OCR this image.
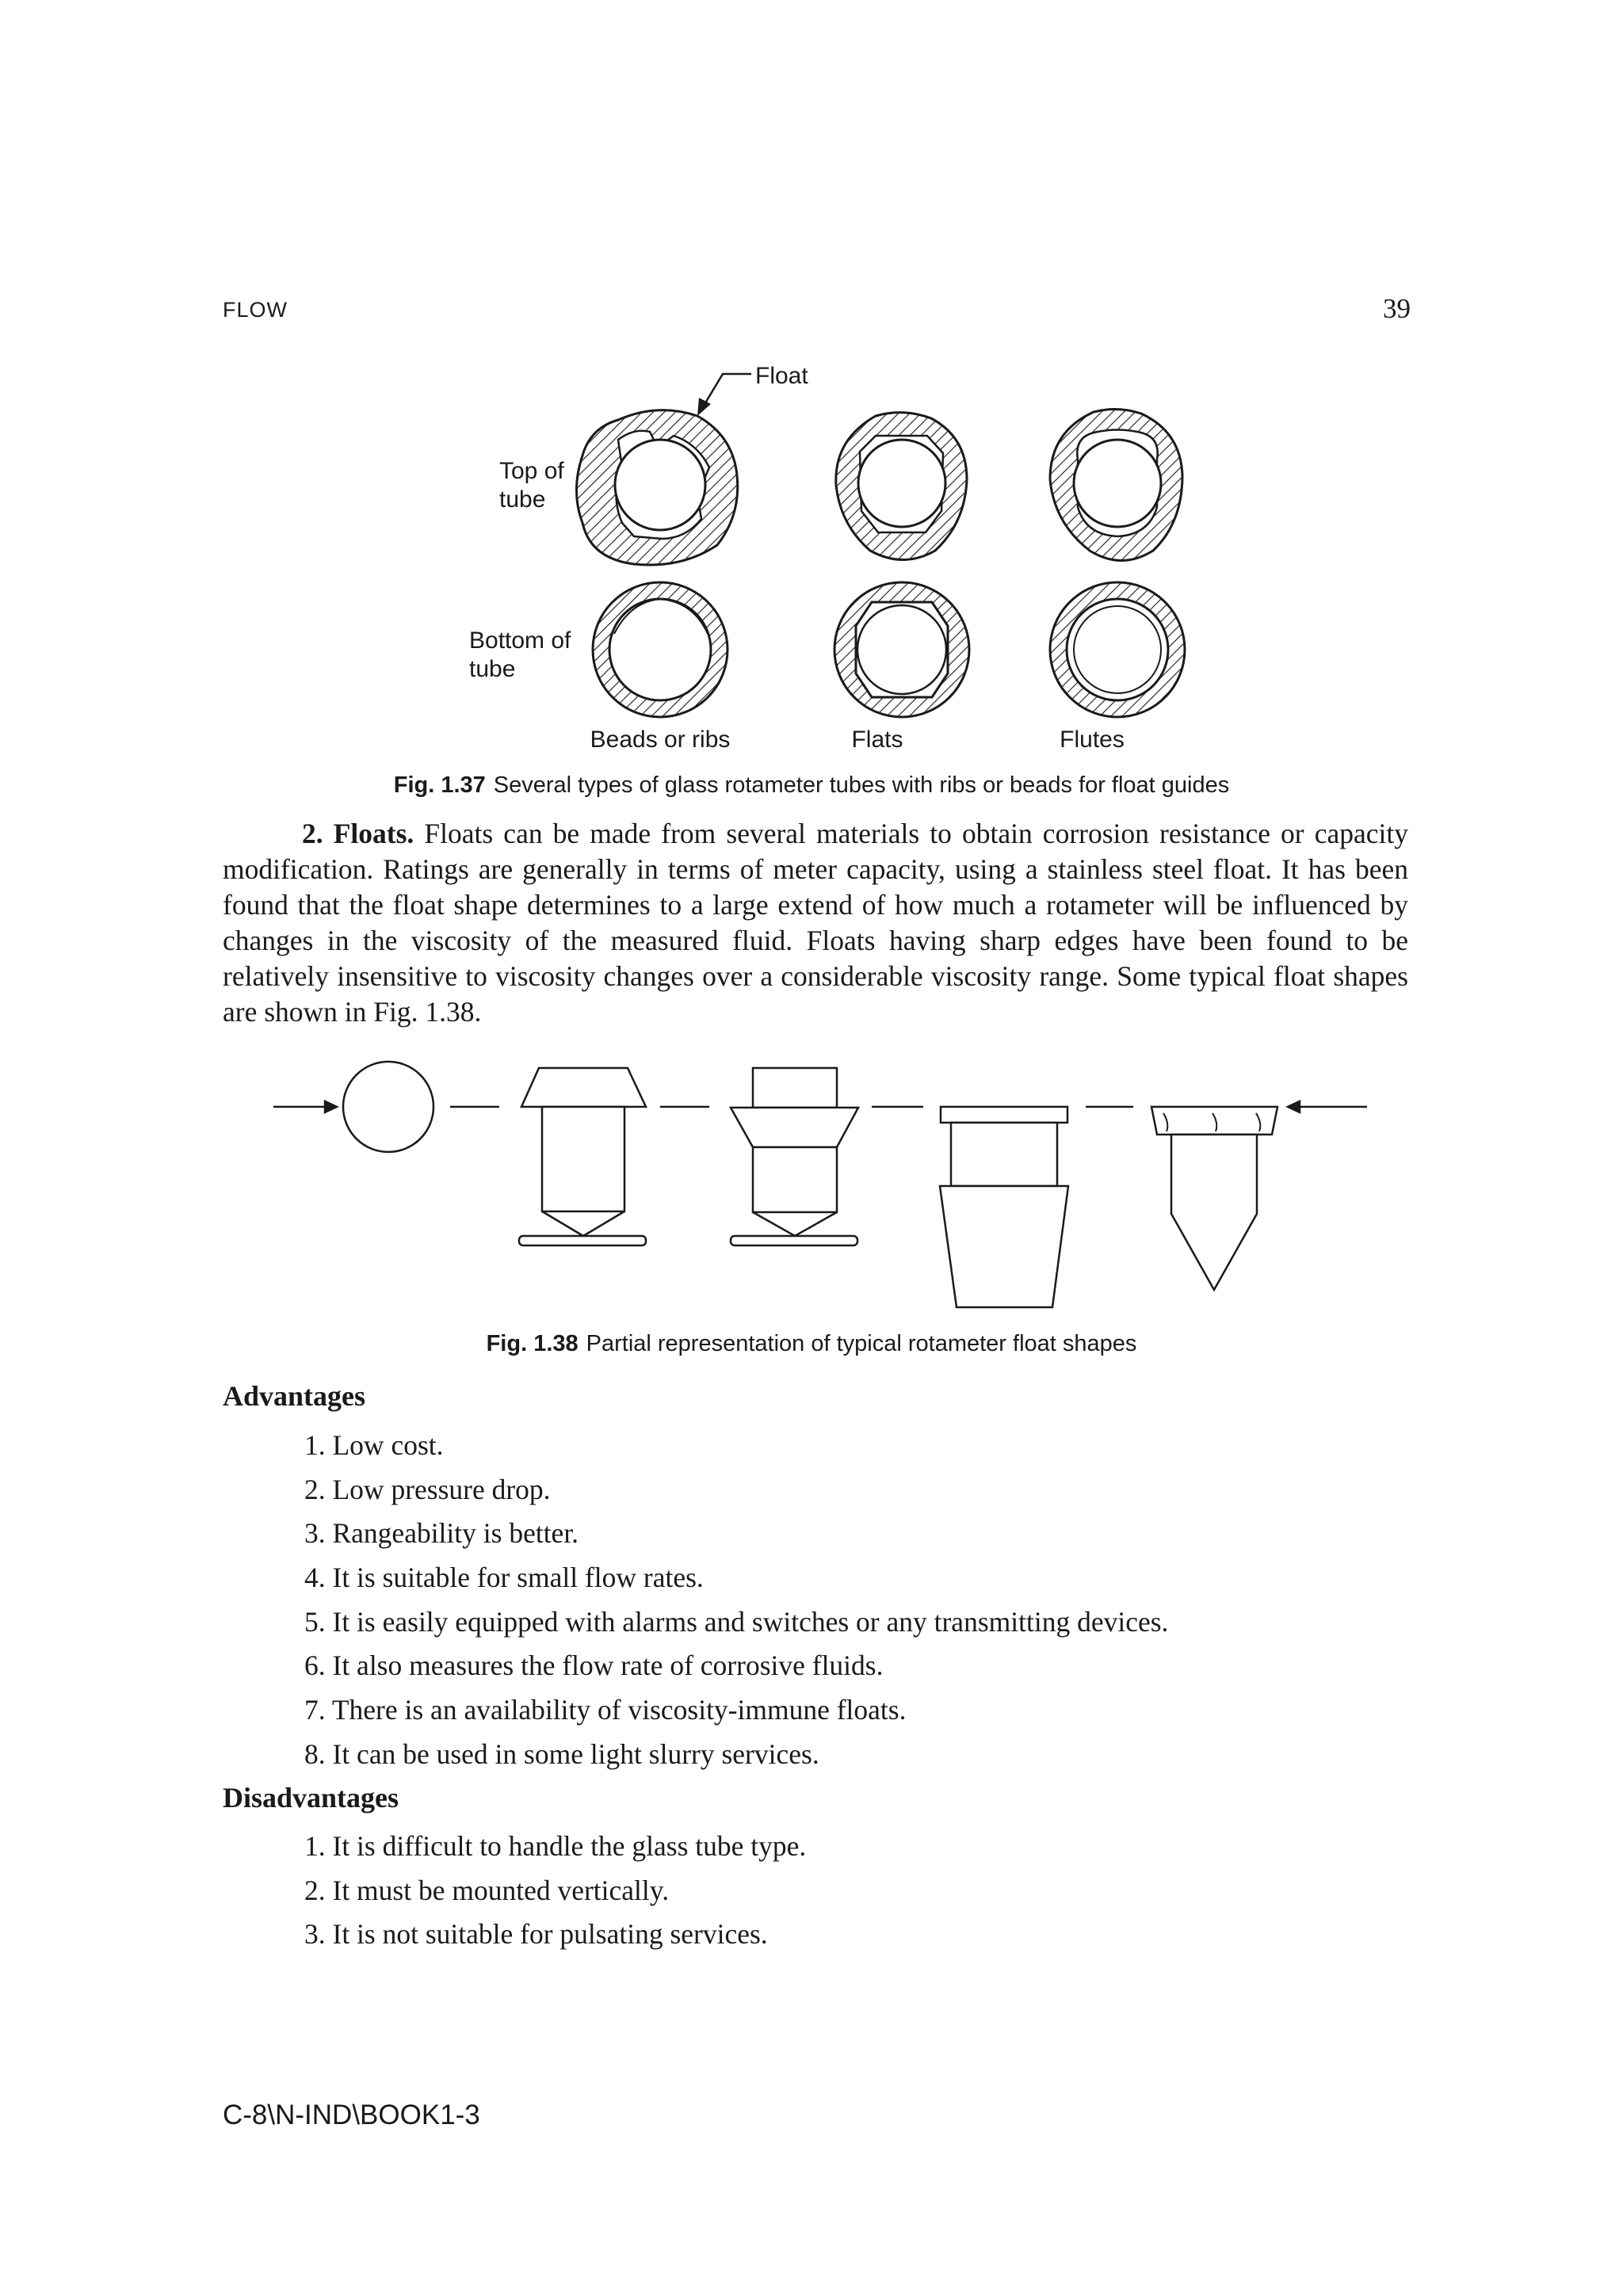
FLOW	39
Float
Top of
tube
Bottom of
tube
Beads or ribs	Flats	Flutes
Fig. 1.37 Several types of glass rotameter tubes with ribs or beads for float guides
2. Floats. Floats can be made from several materials to obtain corrosion resistance or capacity modification. Ratings are generally in terms of meter capacity, using a stainless steel float. It has been found that the float shape determines to a large extend of how much a rotameter will be influenced by changes in the viscosity of the measured fluid. Floats having sharp edges have been found to be relatively insensitive to viscosity changes over a considerable viscosity range. Some typical float shapes are shown in Fig. 1.38.
Fig. 1.38 Partial representation of typical rotameter float shapes
Advantages
1. Low cost.
2. Low pressure drop.
3. Rangeability is better.
4. It is suitable for small flow rates.
5. It is easily equipped with alarms and switches or any transmitting devices.
6. It also measures the flow rate of corrosive fluids.
7. There is an availability of viscosity-immune floats.
8. It can be used in some light slurry services.
Disadvantages
1. It is difficult to handle the glass tube type.
2. It must be mounted vertically.
3. It is not suitable for pulsating services.
C-8\N-IND\BOOK1-3
